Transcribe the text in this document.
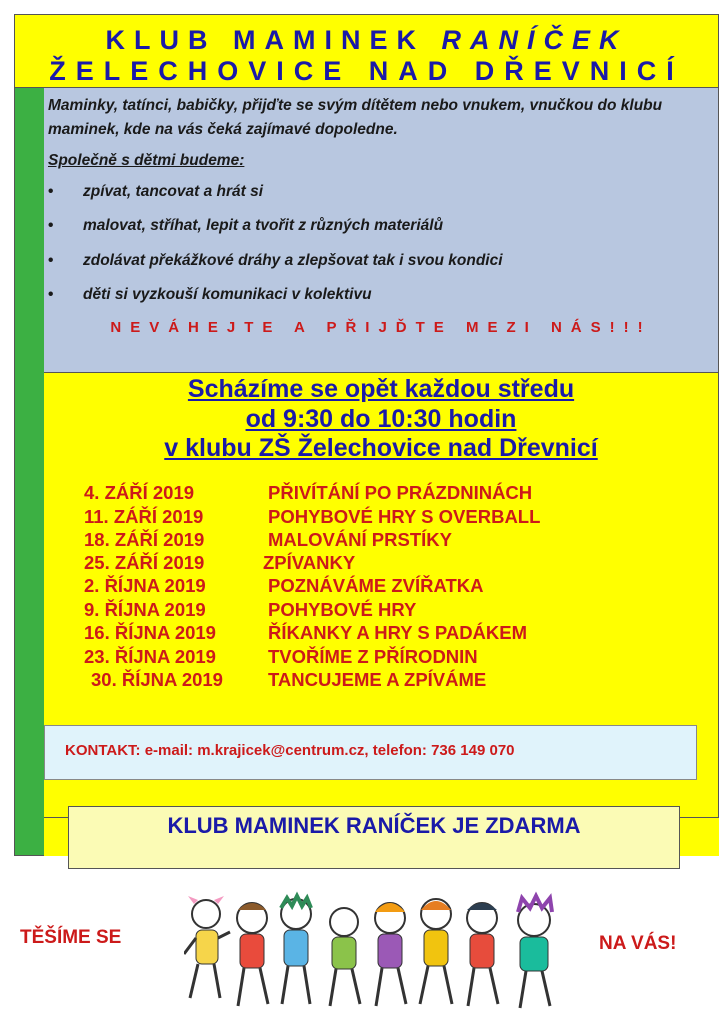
KLUB MAMINEK RANÍČEK
ŽELECHOVICE NAD DŘEVNICÍ
Maminky, tatínci, babičky, přijďte se svým dítětem nebo vnukem, vnučkou do klubu maminek, kde na vás čeká zajímavé dopoledne.
Společně s dětmi budeme:
• zpívat, tancovat a hrát si
• malovat, stříhat, lepit a tvořit z různých materiálů
• zdolávat překážkové dráhy a zlepšovat tak i svou kondici
• děti si vyzkouší komunikaci v kolektivu
NEVÁHEJTE A PŘIJĎTE MEZI NÁS!!!
Scházíme se opět každou středu
od 9:30 do 10:30 hodin
v klubu ZŠ Želechovice nad Dřevnicí
4. ZÁŘÍ 2019	PŘIVÍTÁNÍ PO PRÁZDNINÁCH
11. ZÁŘÍ 2019	POHYBOVÉ HRY S OVERBALL
18. ZÁŘÍ 2019	MALOVÁNÍ PRSTÍKY
25. ZÁŘÍ 2019	ZPÍVANKY
2. ŘÍJNA 2019	POZNÁVÁME ZVÍŘATKA
9. ŘÍJNA 2019	POHYBOVÉ HRY
16. ŘÍJNA 2019	ŘÍKANKY A HRY S PADÁKEM
23. ŘÍJNA 2019	TVOŘÍME Z PŘÍRODNIN
30. ŘÍJNA 2019 TANCUJEME A ZPÍVÁME
KONTAKT: e-mail: m.krajicek@centrum.cz, telefon: 736 149 070
KLUB MAMINEK RANÍČEK JE ZDARMA
TĚŠÍME SE	NA VÁS!
